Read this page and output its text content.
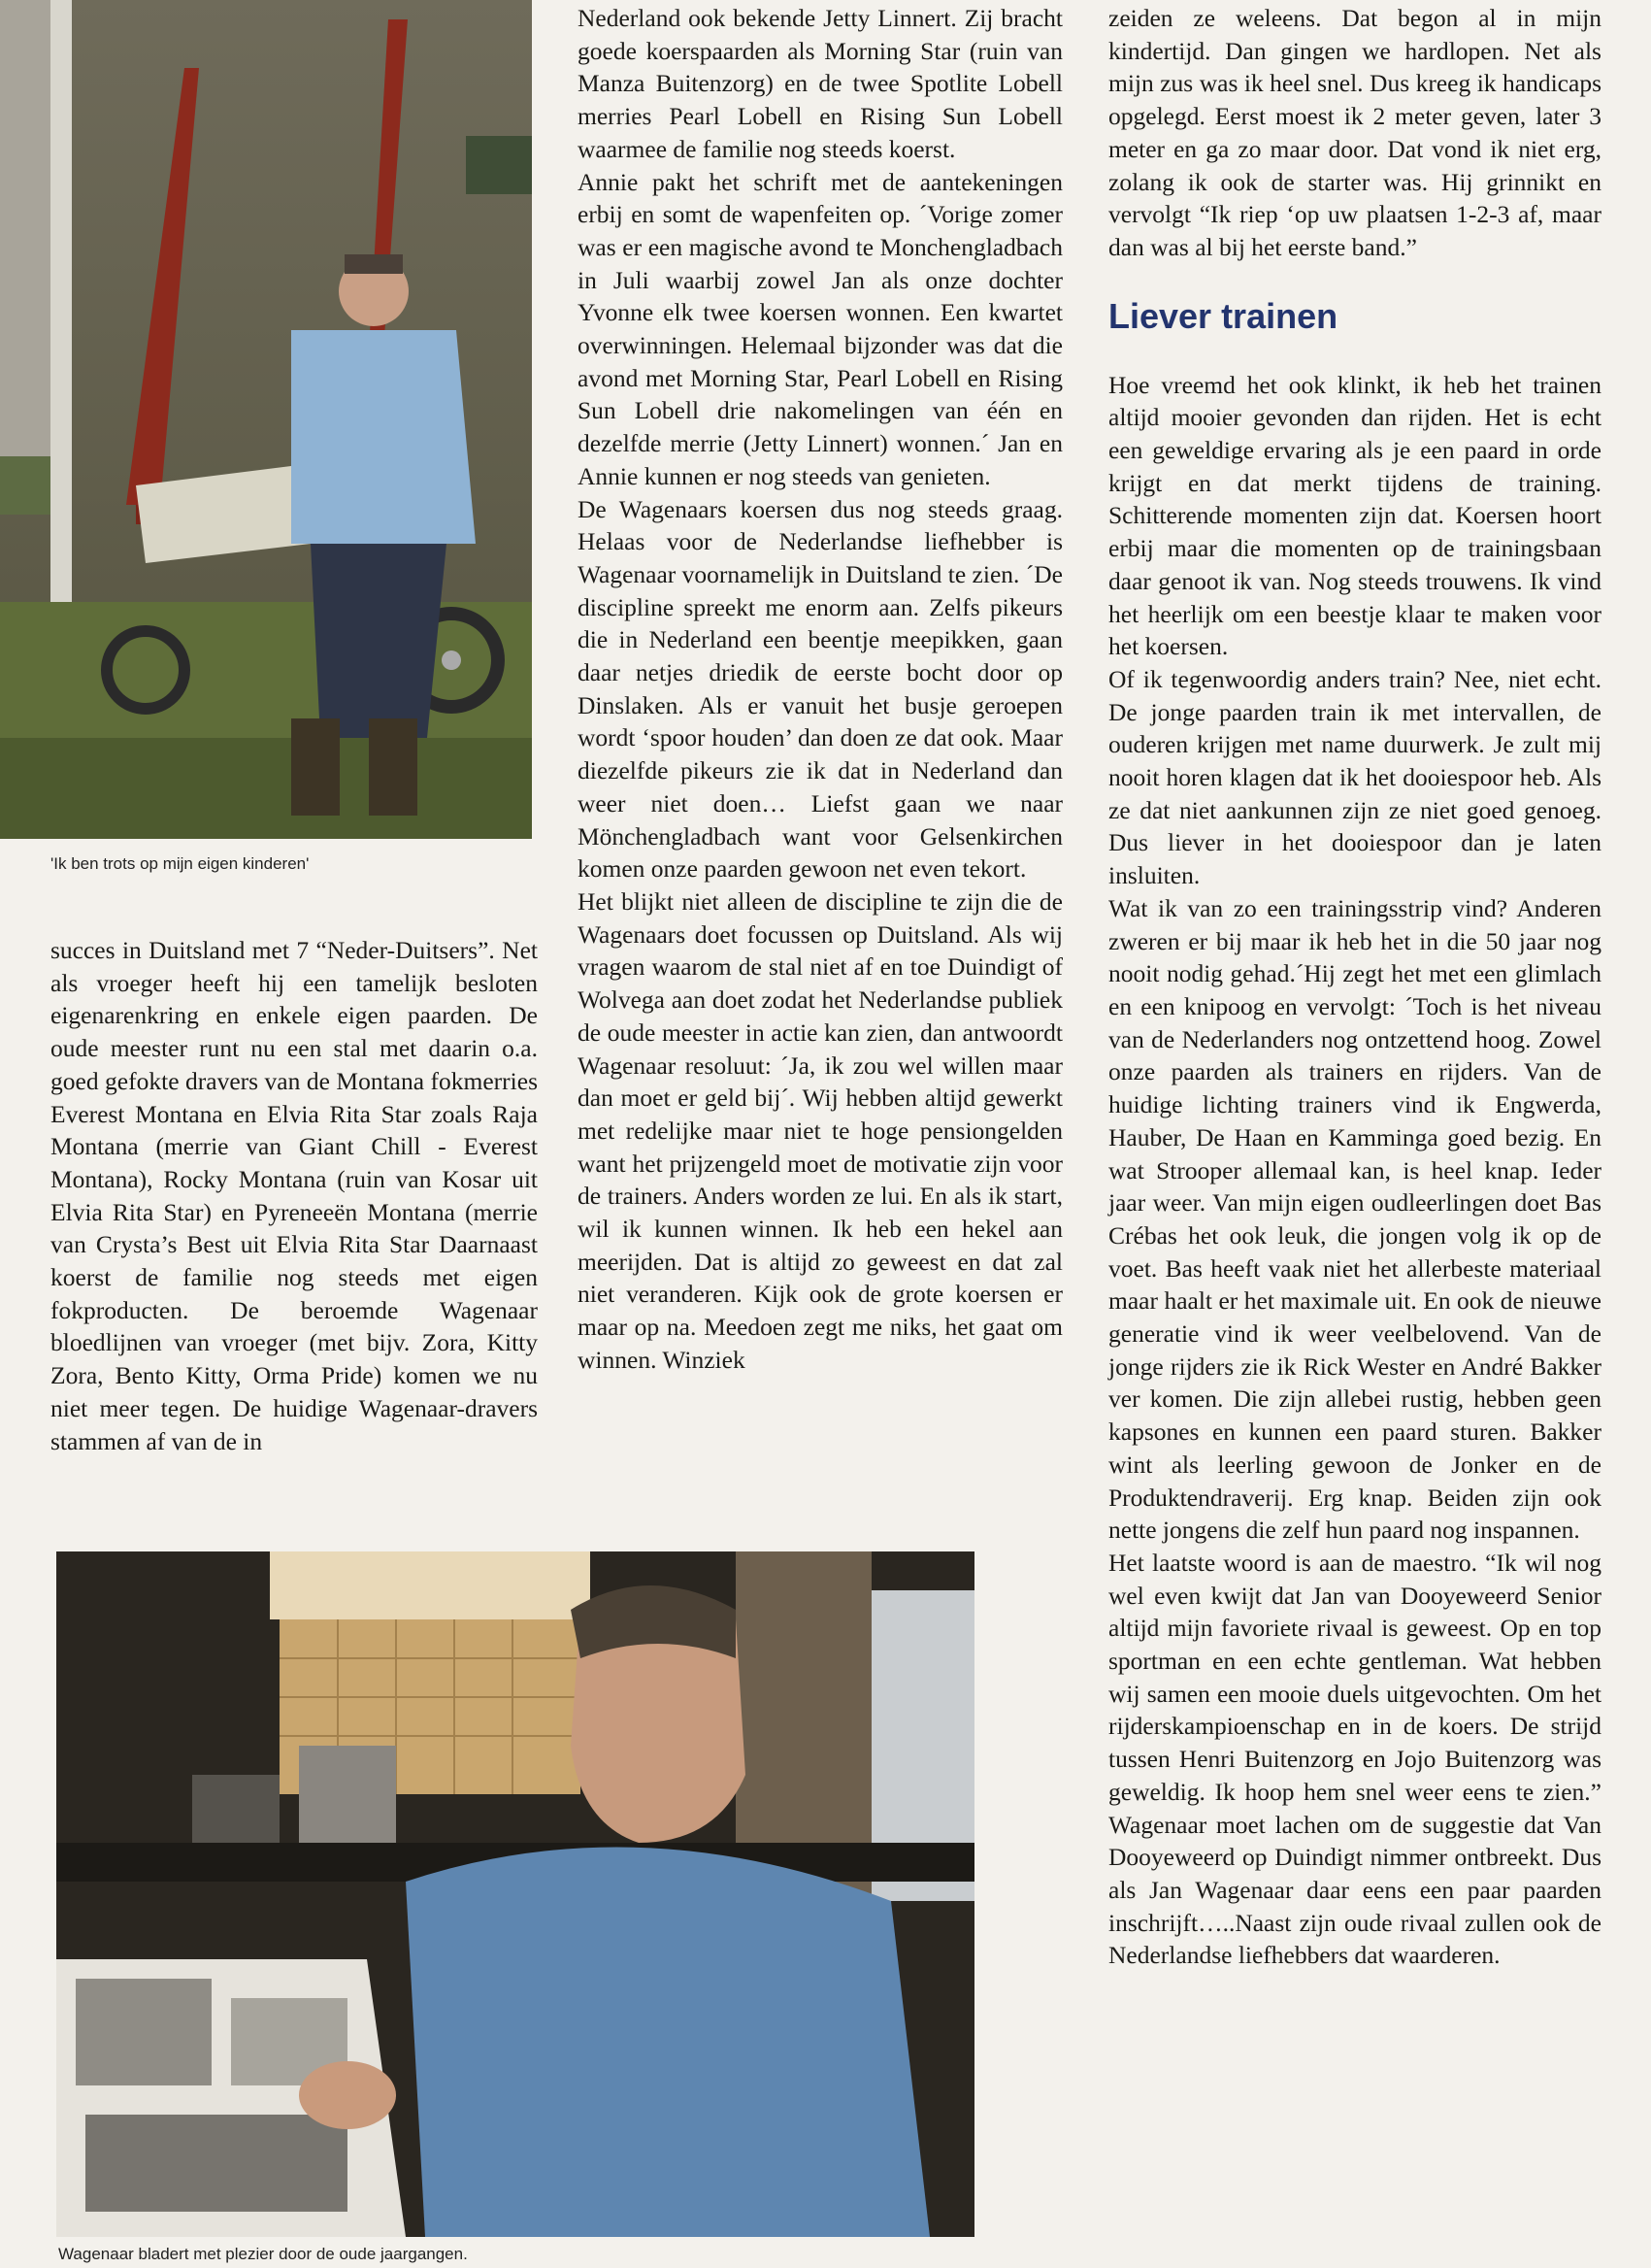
'Ik ben trots op mijn eigen kinderen'

succes in Duitsland met 7 “Neder-Duitsers”. Net als vroeger heeft hij een tamelijk besloten eigenarenkring en enkele eigen paarden. De oude meester runt nu een stal met daarin o.a. goed gefokte dravers van de Montana fokmerries Everest Montana en Elvia Rita Star zoals Raja Montana (merrie van Giant Chill - Everest Montana), Rocky Montana (ruin van Kosar uit Elvia Rita Star) en Pyreneeën Montana (merrie van Crysta’s Best uit Elvia Rita Star Daarnaast koerst de familie nog steeds met eigen fokproducten. De beroemde Wagenaar bloedlijnen van vroeger (met bijv. Zora, Kitty Zora, Bento Kitty, Orma Pride) komen we nu niet meer tegen. De huidige Wagenaar-dravers stammen af van de in

Nederland ook bekende Jetty Linnert. Zij bracht goede koerspaarden als Morning Star (ruin van Manza Buitenzorg) en de twee Spotlite Lobell merries Pearl Lobell en Rising Sun Lobell waarmee de familie nog steeds koerst.

Annie pakt het schrift met de aantekeningen erbij en somt de wapenfeiten op. ´Vorige zomer was er een magische avond te Monchengladbach in Juli waarbij zowel Jan als onze dochter Yvonne elk twee koersen wonnen. Een kwartet overwinningen. Helemaal bijzonder was dat die avond met Morning Star, Pearl Lobell en Rising Sun Lobell drie nakomelingen van één en dezelfde merrie (Jetty Linnert) wonnen.´ Jan en Annie kunnen er nog steeds van genieten.

De Wagenaars koersen dus nog steeds graag. Helaas voor de Nederlandse liefhebber is Wagenaar voornamelijk in Duitsland te zien. ´De discipline spreekt me enorm aan. Zelfs pikeurs die in Nederland een beentje meepikken, gaan daar netjes driedik de eerste bocht door op Dinslaken. Als er vanuit het busje geroepen wordt ‘spoor houden’ dan doen ze dat ook. Maar diezelfde pikeurs zie ik dat in Nederland dan weer niet doen… Liefst gaan we naar Mönchengladbach want voor Gelsenkirchen komen onze paarden gewoon net even tekort.

Het blijkt niet alleen de discipline te zijn die de Wagenaars doet focussen op Duitsland. Als wij vragen waarom de stal niet af en toe Duindigt of Wolvega aan doet zodat het Nederlandse publiek de oude meester in actie kan zien, dan antwoordt Wagenaar resoluut: ´Ja, ik zou wel willen maar dan moet er geld bij´. Wij hebben altijd gewerkt met redelijke maar niet te hoge pensiongelden want het prijzengeld moet de motivatie zijn voor de trainers. Anders worden ze lui. En als ik start, wil ik kunnen winnen. Ik heb een hekel aan meerijden. Dat is altijd zo geweest en dat zal niet veranderen. Kijk ook de grote koersen er maar op na. Meedoen zegt me niks, het gaat om winnen. Winziek

zeiden ze weleens. Dat begon al in mijn kindertijd. Dan gingen we hardlopen. Net als mijn zus was ik heel snel. Dus kreeg ik handicaps opgelegd. Eerst moest ik 2 meter geven, later 3 meter en ga zo maar door. Dat vond ik niet erg, zolang ik ook de starter was. Hij grinnikt en vervolgt “Ik riep ‘op uw plaatsen 1-2-3 af, maar dan was al bij het eerste band.”

Liever trainen

Hoe vreemd het ook klinkt, ik heb het trainen altijd mooier gevonden dan rijden. Het is echt een geweldige ervaring als je een paard in orde krijgt en dat merkt tijdens de training. Schitterende momenten zijn dat. Koersen hoort erbij maar die momenten op de trainingsbaan daar genoot ik van. Nog steeds trouwens. Ik vind het heerlijk om een beestje klaar te maken voor het koersen.

Of ik tegenwoordig anders train? Nee, niet echt. De jonge paarden train ik met intervallen, de ouderen krijgen met name duurwerk. Je zult mij nooit horen klagen dat ik het dooiespoor heb. Als ze dat niet aankunnen zijn ze niet goed genoeg. Dus liever in het dooiespoor dan je laten insluiten.

Wat ik van zo een trainingsstrip vind? Anderen zweren er bij maar ik heb het in die 50 jaar nog nooit nodig gehad.´Hij zegt het met een glimlach en een knipoog en vervolgt: ´Toch is het niveau van de Nederlanders nog ontzettend hoog. Zowel onze paarden als trainers en rijders. Van de huidige lichting trainers vind ik Engwerda, Hauber, De Haan en Kamminga goed bezig. En wat Strooper allemaal kan, is heel knap. Ieder jaar weer. Van mijn eigen oudleerlingen doet Bas Crébas het ook leuk, die jongen volg ik op de voet. Bas heeft vaak niet het allerbeste materiaal maar haalt er het maximale uit. En ook de nieuwe generatie vind ik weer veelbelovend. Van de jonge rijders zie ik Rick Wester en André Bakker ver komen. Die zijn allebei rustig, hebben geen kapsones en kunnen een paard sturen. Bakker wint als leerling gewoon de Jonker en de Produktendraverij. Erg knap. Beiden zijn ook nette jongens die zelf hun paard nog inspannen.

Het laatste woord is aan de maestro. “Ik wil nog wel even kwijt dat Jan van Dooyeweerd Senior altijd mijn favoriete rivaal is geweest. Op en top sportman en een echte gentleman. Wat hebben wij samen een mooie duels uitgevochten. Om het rijderskampioenschap en in de koers. De strijd tussen Henri Buitenzorg en Jojo Buitenzorg was geweldig. Ik hoop hem snel weer eens te zien.” Wagenaar moet lachen om de suggestie dat Van Dooyeweerd op Duindigt nimmer ontbreekt. Dus als Jan Wagenaar daar eens een paar paarden inschrijft…..Naast zijn oude rivaal zullen ook de Nederlandse liefhebbers dat waarderen.

Wagenaar bladert met plezier door de oude jaargangen.
